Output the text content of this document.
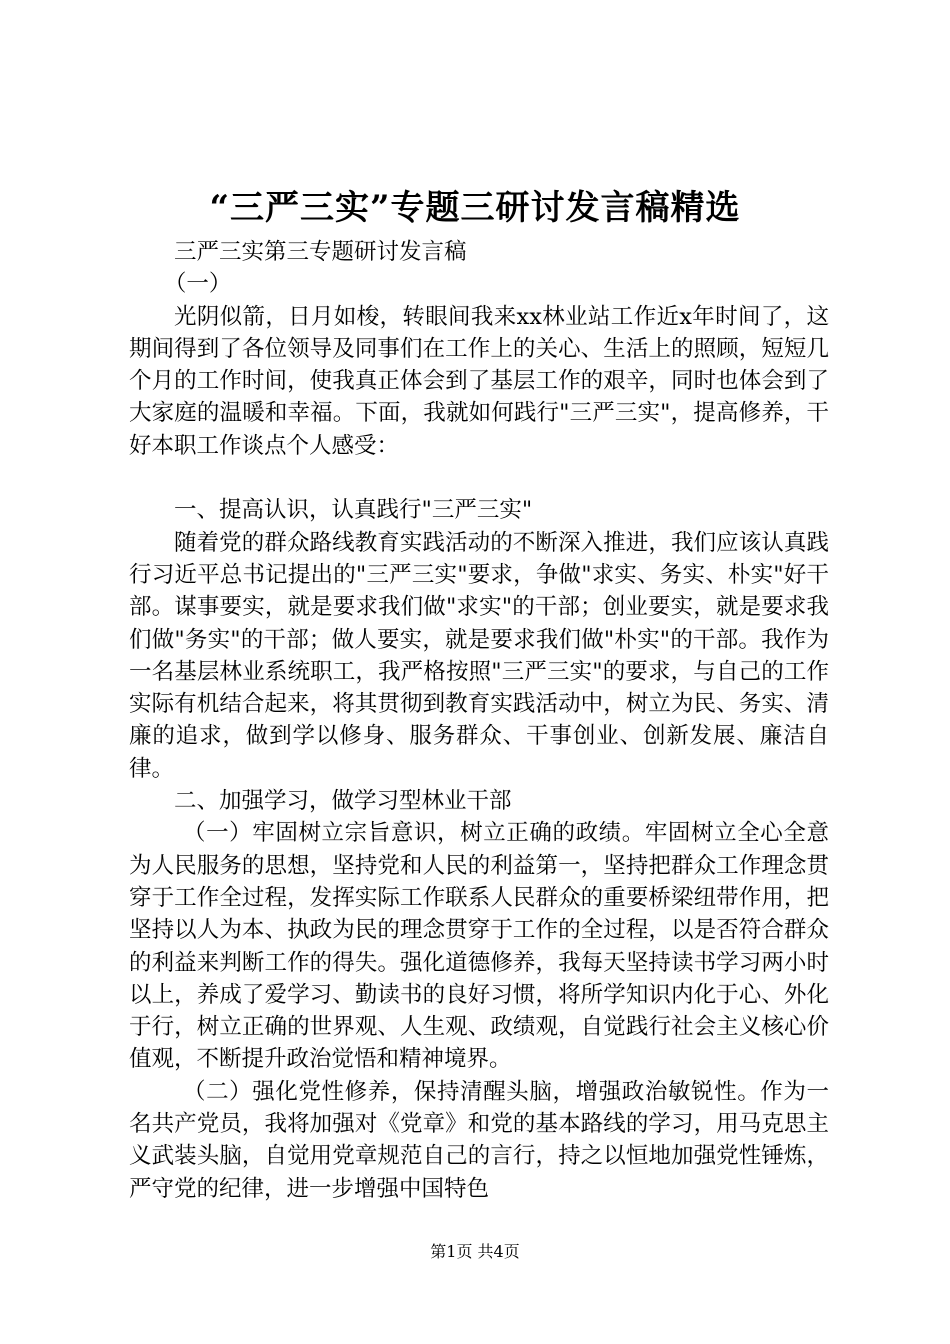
“三严三实”专题三研讨发言稿精选

三严三实第三专题研讨发言稿

（一）

光阴似箭，日月如梭，转眼间我来xx林业站工作近x年时间了，这期间得到了各位领导及同事们在工作上的关心、生活上的照顾，短短几个月的工作时间，使我真正体会到了基层工作的艰辛，同时也体会到了大家庭的温暖和幸福。下面，我就如何践行"三严三实"，提高修养，干好本职工作谈点个人感受：

一、提高认识，认真践行"三严三实"

随着党的群众路线教育实践活动的不断深入推进，我们应该认真践行习近平总书记提出的"三严三实"要求，争做"求实、务实、朴实"好干部。谋事要实，就是要求我们做"求实"的干部；创业要实，就是要求我们做"务实"的干部；做人要实，就是要求我们做"朴实"的干部。我作为一名基层林业系统职工，我严格按照"三严三实"的要求，与自己的工作实际有机结合起来，将其贯彻到教育实践活动中，树立为民、务实、清廉的追求，做到学以修身、服务群众、干事创业、创新发展、廉洁自律。

二、加强学习，做学习型林业干部

（一）牢固树立宗旨意识，树立正确的政绩。牢固树立全心全意为人民服务的思想，坚持党和人民的利益第一，坚持把群众工作理念贯穿于工作全过程，发挥实际工作联系人民群众的重要桥梁纽带作用，把坚持以人为本、执政为民的理念贯穿于工作的全过程，以是否符合群众的利益来判断工作的得失。强化道德修养，我每天坚持读书学习两小时以上，养成了爱学习、勤读书的良好习惯，将所学知识内化于心、外化于行，树立正确的世界观、人生观、政绩观，自觉践行社会主义核心价值观，不断提升政治觉悟和精神境界。

（二）强化党性修养，保持清醒头脑，增强政治敏锐性。作为一名共产党员，我将加强对《党章》和党的基本路线的学习，用马克思主义武装头脑，自觉用党章规范自己的言行，持之以恒地加强党性锤炼，严守党的纪律，进一步增强中国特色

第1页 共4页
